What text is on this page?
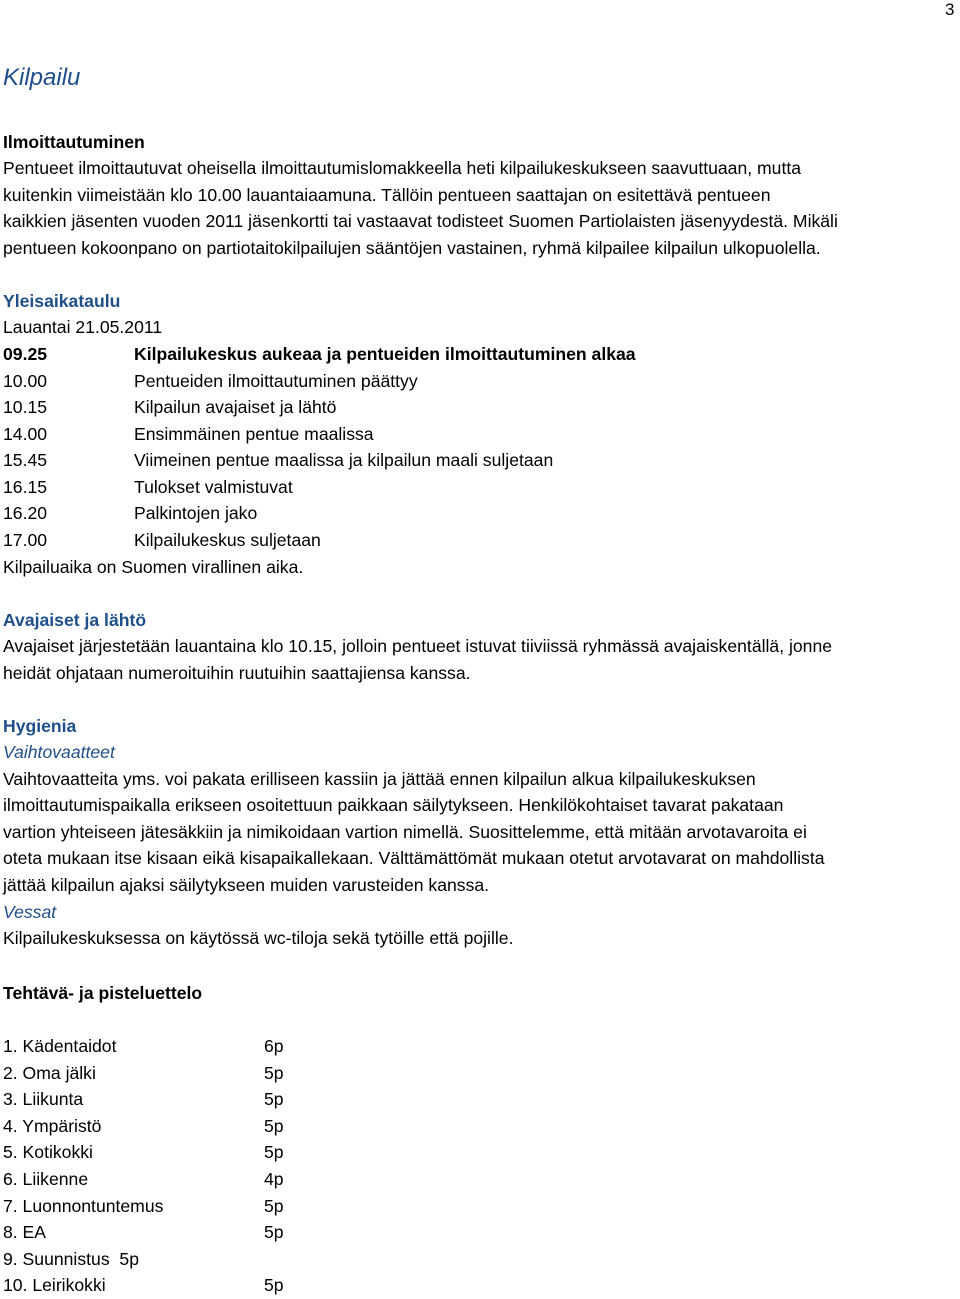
3
Kilpailu
Ilmoittautuminen
Pentueet ilmoittautuvat oheisella ilmoittautumislomakkeella heti kilpailukeskukseen saavuttuaan, mutta
kuitenkin viimeistään klo 10.00 lauantaiaamuna. Tällöin pentueen saattajan on esitettävä pentueen
kaikkien jäsenten vuoden 2011 jäsenkortti tai vastaavat todisteet Suomen Partiolaisten jäsenyydestä. Mikäli
pentueen kokoonpano on partiotaitokilpailujen sääntöjen vastainen, ryhmä kilpailee kilpailun ulkopuolella.
Yleisaikataulu
Lauantai 21.05.2011
09.25	Kilpailukeskus aukeaa ja pentueiden ilmoittautuminen alkaa
10.00	Pentueiden ilmoittautuminen päättyy
10.15	Kilpailun avajaiset ja lähtö
14.00	Ensimmäinen pentue maalissa
15.45	Viimeinen pentue maalissa ja kilpailun maali suljetaan
16.15	Tulokset valmistuvat
16.20	Palkintojen jako
17.00	Kilpailukeskus suljetaan
Kilpailuaika on Suomen virallinen aika.
Avajaiset ja lähtö
Avajaiset järjestetään lauantaina klo 10.15, jolloin pentueet istuvat tiiviissä ryhmässä avajaiskentällä, jonne
heidät ohjataan numeroituihin ruutuihin saattajiensa kanssa.
Hygienia
Vaihtovaatteet
Vaihtovaatteita yms. voi pakata erilliseen kassiin ja jättää ennen kilpailun alkua kilpailukeskuksen
ilmoittautumispaikalla erikseen osoitettuun paikkaan säilytykseen. Henkilökohtaiset tavarat pakataan
vartion yhteiseen jätesäkkiin ja nimikoidaan vartion nimellä. Suosittelemme, että mitään arvotavaroita ei
oteta mukaan itse kisaan eikä kisapaikallekaan. Välttämättömät mukaan otetut arvotavarat on mahdollista
jättää kilpailun ajaksi säilytykseen muiden varusteiden kanssa.
Vessat
Kilpailukeskuksessa on käytössä wc-tiloja sekä tytöille että pojille.
Tehtävä- ja pisteluettelo
1. Kädentaidot	6p
2. Oma jälki	5p
3. Liikunta	5p
4. Ympäristö	5p
5. Kotikokki	5p
6. Liikenne	4p
7. Luonnontuntemus	5p
8. EA	5p
9. Suunnistus 5p
10. Leirikokki	5p
